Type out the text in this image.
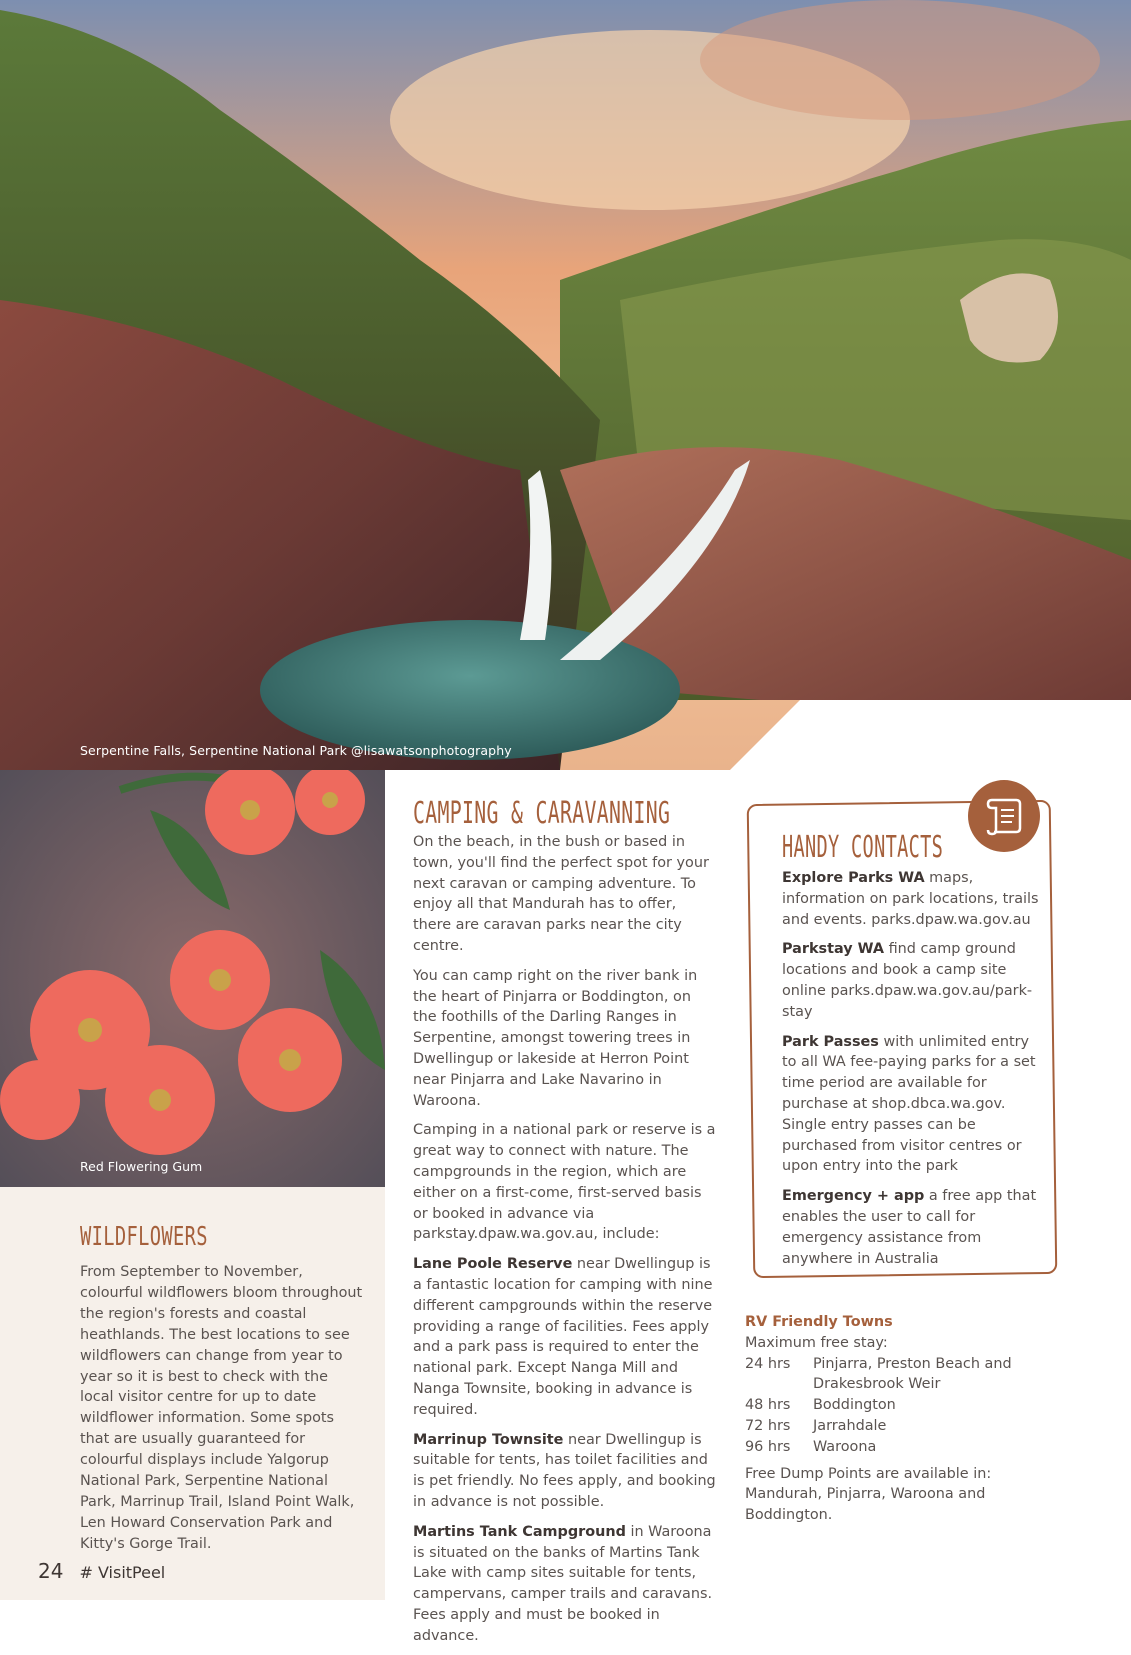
Serpentine Falls, Serpentine National Park @lisawatsonphotography
Red Flowering Gum
WILDFLOWERS
From September to November, colourful wildflowers bloom throughout the region's forests and coastal heathlands. The best locations to see wildflowers can change from year to year so it is best to check with the local visitor centre for up to date wildflower information. Some spots that are usually guaranteed for colourful displays include Yalgorup National Park, Serpentine National Park, Marrinup Trail, Island Point Walk, Len Howard Conservation Park and Kitty's Gorge Trail.
CAMPING & CARAVANNING

On the beach, in the bush or based in town, you'll find the perfect spot for your next caravan or camping adventure. To enjoy all that Mandurah has to offer, there are caravan parks near the city centre.

You can camp right on the river bank in the heart of Pinjarra or Boddington, on the foothills of the Darling Ranges in Serpentine, amongst towering trees in Dwellingup or lakeside at Herron Point near Pinjarra and Lake Navarino in Waroona.

Camping in a national park or reserve is a great way to connect with nature. The campgrounds in the region, which are either on a first-come, first-served basis or booked in advance via parkstay.dpaw.wa.gov.au, include:

Lane Poole Reserve near Dwellingup is a fantastic location for camping with nine different campgrounds within the reserve providing a range of facilities. Fees apply and a park pass is required to enter the national park. Except Nanga Mill and Nanga Townsite, booking in advance is required.

Marrinup Townsite near Dwellingup is suitable for tents, has toilet facilities and is pet friendly. No fees apply, and booking in advance is not possible.

Martins Tank Campground in Waroona is situated on the banks of Martins Tank Lake with camp sites suitable for tents, campervans, camper trails and caravans. Fees apply and must be booked in advance.

HANDY CONTACTS

Explore Parks WA maps, information on park locations, trails and events. parks.dpaw.wa.gov.au

Parkstay WA find camp ground locations and book a camp site online parks.dpaw.wa.gov.au/park-stay

Park Passes with unlimited entry to all WA fee-paying parks for a set time period are available for purchase at shop.dbca.wa.gov. Single entry passes can be purchased from visitor centres or upon entry into the park

Emergency + app a free app that enables the user to call for emergency assistance from anywhere in Australia

RV Friendly Towns
Maximum free stay:
24 hrs	Pinjarra, Preston Beach and Drakesbrook Weir
48 hrs	Boddington
72 hrs	Jarrahdale
96 hrs	Waroona
Free Dump Points are available in: Mandurah, Pinjarra, Waroona and Boddington.
24 # VisitPeel
